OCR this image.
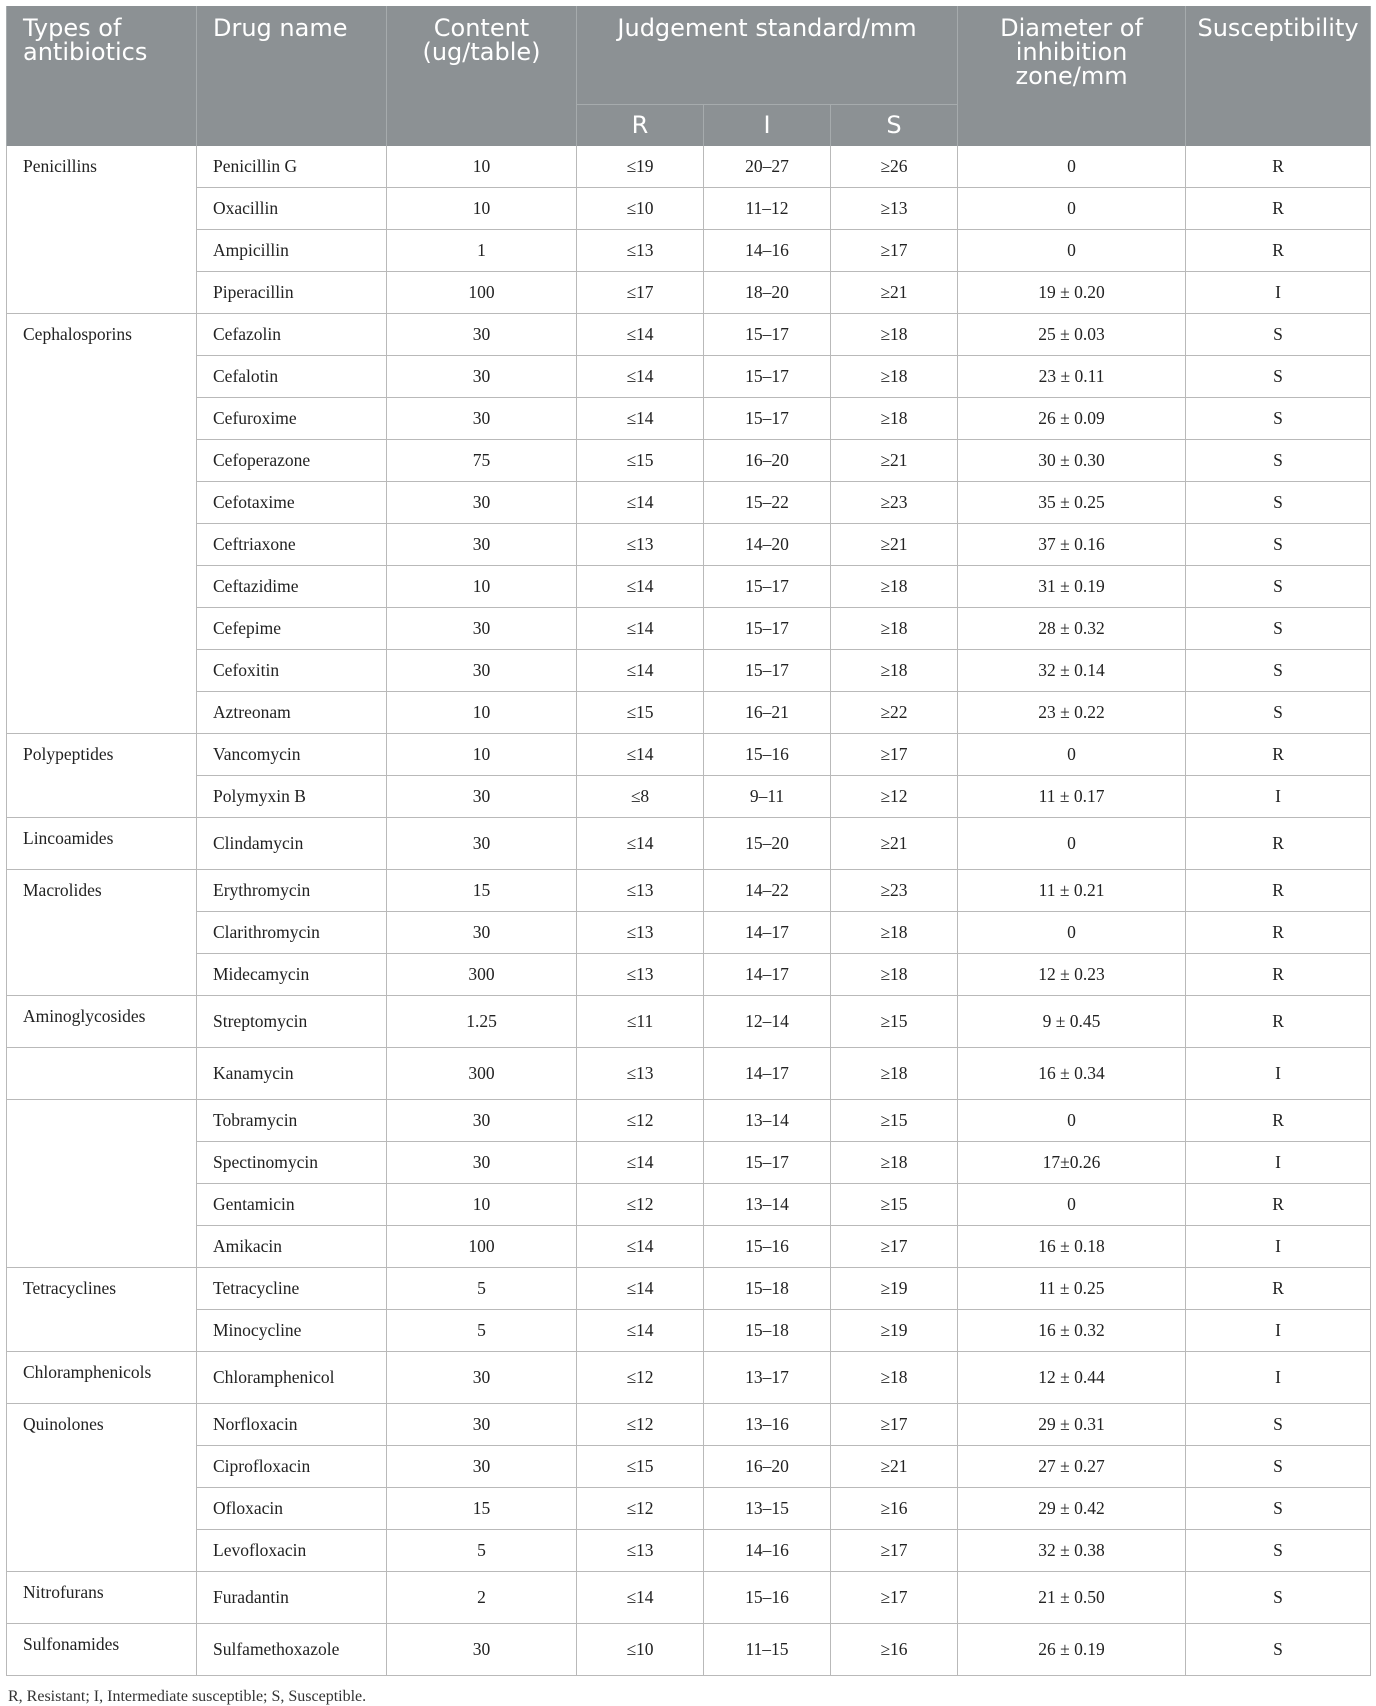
Types of antibiotics	Drug name	Content (ug/table)	Judgement standard/mm			Diameter of inhibition zone/mm	Susceptibility
			R	I	S		
Penicillins	Penicillin G	10	≤19	20–27	≥26	0	R
	Oxacillin	10	≤10	11–12	≥13	0	R
	Ampicillin	1	≤13	14–16	≥17	0	R
	Piperacillin	100	≤17	18–20	≥21	19 ± 0.20	I
Cephalosporins	Cefazolin	30	≤14	15–17	≥18	25 ± 0.03	S
	Cefalotin	30	≤14	15–17	≥18	23 ± 0.11	S
	Cefuroxime	30	≤14	15–17	≥18	26 ± 0.09	S
	Cefoperazone	75	≤15	16–20	≥21	30 ± 0.30	S
	Cefotaxime	30	≤14	15–22	≥23	35 ± 0.25	S
	Ceftriaxone	30	≤13	14–20	≥21	37 ± 0.16	S
	Ceftazidime	10	≤14	15–17	≥18	31 ± 0.19	S
	Cefepime	30	≤14	15–17	≥18	28 ± 0.32	S
	Cefoxitin	30	≤14	15–17	≥18	32 ± 0.14	S
	Aztreonam	10	≤15	16–21	≥22	23 ± 0.22	S
Polypeptides	Vancomycin	10	≤14	15–16	≥17	0	R
	Polymyxin B	30	≤8	9–11	≥12	11 ± 0.17	I
Lincoamides	Clindamycin	30	≤14	15–20	≥21	0	R
Macrolides	Erythromycin	15	≤13	14–22	≥23	11 ± 0.21	R
	Clarithromycin	30	≤13	14–17	≥18	0	R
	Midecamycin	300	≤13	14–17	≥18	12 ± 0.23	R
Aminoglycosides	Streptomycin	1.25	≤11	12–14	≥15	9 ± 0.45	R
	Kanamycin	300	≤13	14–17	≥18	16 ± 0.34	I
	Tobramycin	30	≤12	13–14	≥15	0	R
	Spectinomycin	30	≤14	15–17	≥18	17±0.26	I
	Gentamicin	10	≤12	13–14	≥15	0	R
	Amikacin	100	≤14	15–16	≥17	16 ± 0.18	I
Tetracyclines	Tetracycline	5	≤14	15–18	≥19	11 ± 0.25	R
	Minocycline	5	≤14	15–18	≥19	16 ± 0.32	I
Chloramphenicols	Chloramphenicol	30	≤12	13–17	≥18	12 ± 0.44	I
Quinolones	Norfloxacin	30	≤12	13–16	≥17	29 ± 0.31	S
	Ciprofloxacin	30	≤15	16–20	≥21	27 ± 0.27	S
	Ofloxacin	15	≤12	13–15	≥16	29 ± 0.42	S
	Levofloxacin	5	≤13	14–16	≥17	32 ± 0.38	S
Nitrofurans	Furadantin	2	≤14	15–16	≥17	21 ± 0.50	S
Sulfonamides	Sulfamethoxazole	30	≤10	11–15	≥16	26 ± 0.19	S
R, Resistant; I, Intermediate susceptible; S, Susceptible.
